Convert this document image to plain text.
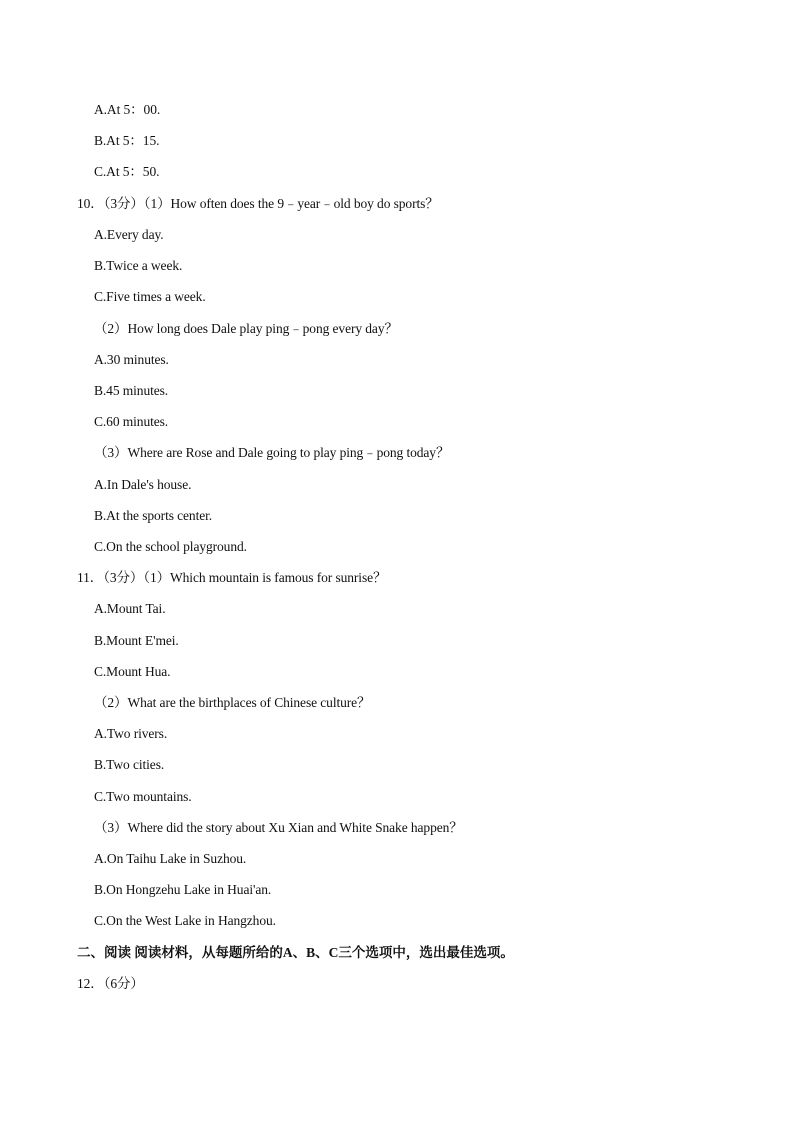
A.At 5：00.
B.At 5：15.
C.At 5：50.
10．（3分）（1）How often does the 9﹣year﹣old boy do sports？
A.Every day.
B.Twice a week.
C.Five times a week.
（2）How long does Dale play ping﹣pong every day？
A.30 minutes.
B.45 minutes.
C.60 minutes.
（3）Where are Rose and Dale going to play ping﹣pong today？
A.In Dale's house.
B.At the sports center.
C.On the school playground.
11．（3分）（1）Which mountain is famous for sunrise？
A.Mount Tai.
B.Mount E'mei.
C.Mount Hua.
（2）What are the birthplaces of Chinese culture？
A.Two rivers.
B.Two cities.
C.Two mountains.
（3）Where did the story about Xu Xian and White Snake happen？
A.On Taihu Lake in Suzhou.
B.On Hongzehu Lake in Huai'an.
C.On the West Lake in Hangzhou.
二、阅读 阅读材料，从每题所给的A、B、C三个选项中，选出最佳选项。
12．（6分）
